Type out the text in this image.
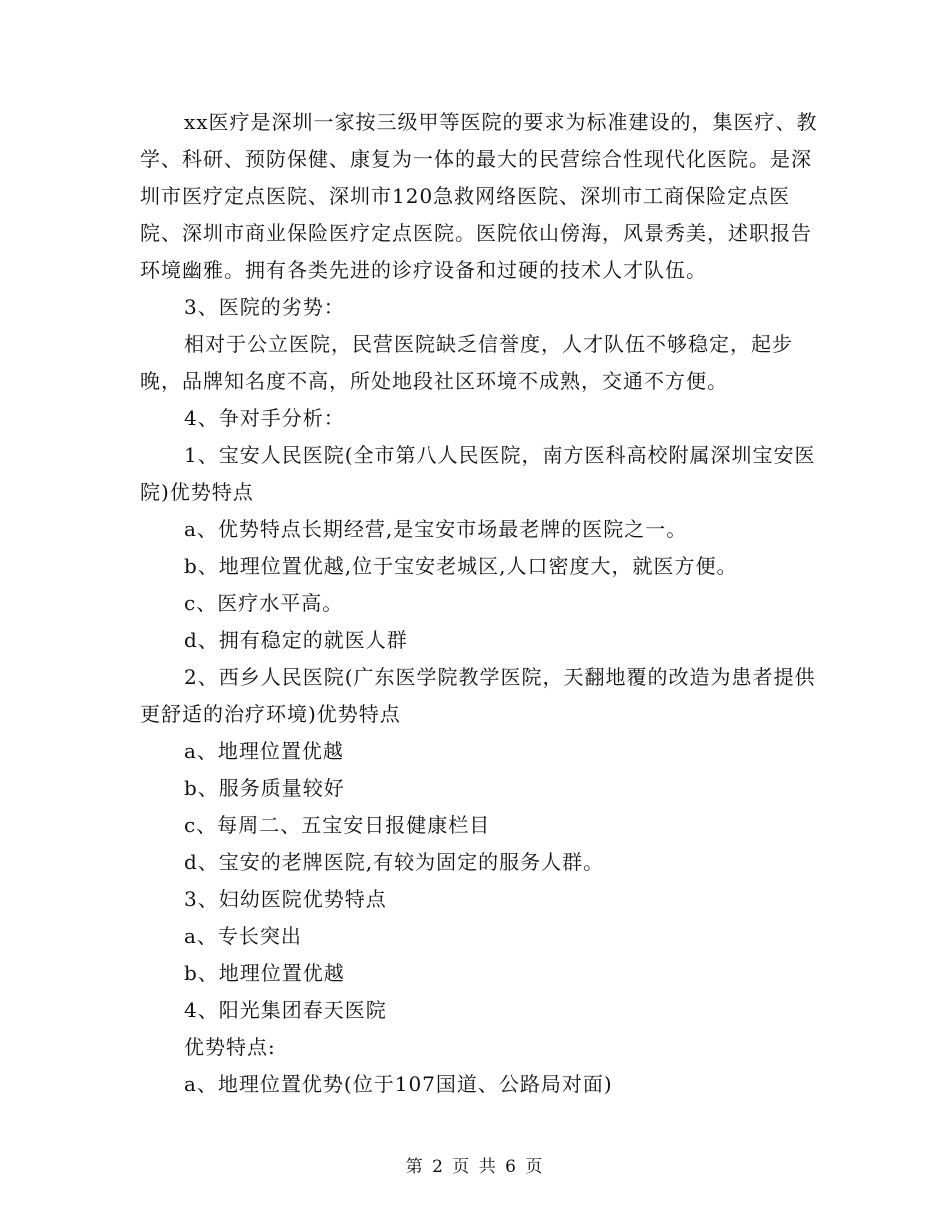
xx医疗是深圳一家按三级甲等医院的要求为标准建设的，集医疗、教学、科研、预防保健、康复为一体的最大的民营综合性现代化医院。是深圳市医疗定点医院、深圳市120急救网络医院、深圳市工商保险定点医院、深圳市商业保险医疗定点医院。医院依山傍海，风景秀美，述职报告环境幽雅。拥有各类先进的诊疗设备和过硬的技术人才队伍。

3、医院的劣势：

相对于公立医院，民营医院缺乏信誉度，人才队伍不够稳定，起步晚，品牌知名度不高，所处地段社区环境不成熟，交通不方便。

4、争对手分析：

1、宝安人民医院(全市第八人民医院，南方医科高校附属深圳宝安医院)优势特点

a、优势特点长期经营,是宝安市场最老牌的医院之一。

b、地理位置优越,位于宝安老城区,人口密度大，就医方便。

c、医疗水平高。

d、拥有稳定的就医人群

2、西乡人民医院(广东医学院教学医院，天翻地覆的改造为患者提供更舒适的治疗环境)优势特点

a、地理位置优越

b、服务质量较好

c、每周二、五宝安日报健康栏目

d、宝安的老牌医院,有较为固定的服务人群。

3、妇幼医院优势特点

a、专长突出

b、地理位置优越

4、阳光集团春天医院

优势特点:

a、地理位置优势(位于107国道、公路局对面)

第 2 页 共 6 页
